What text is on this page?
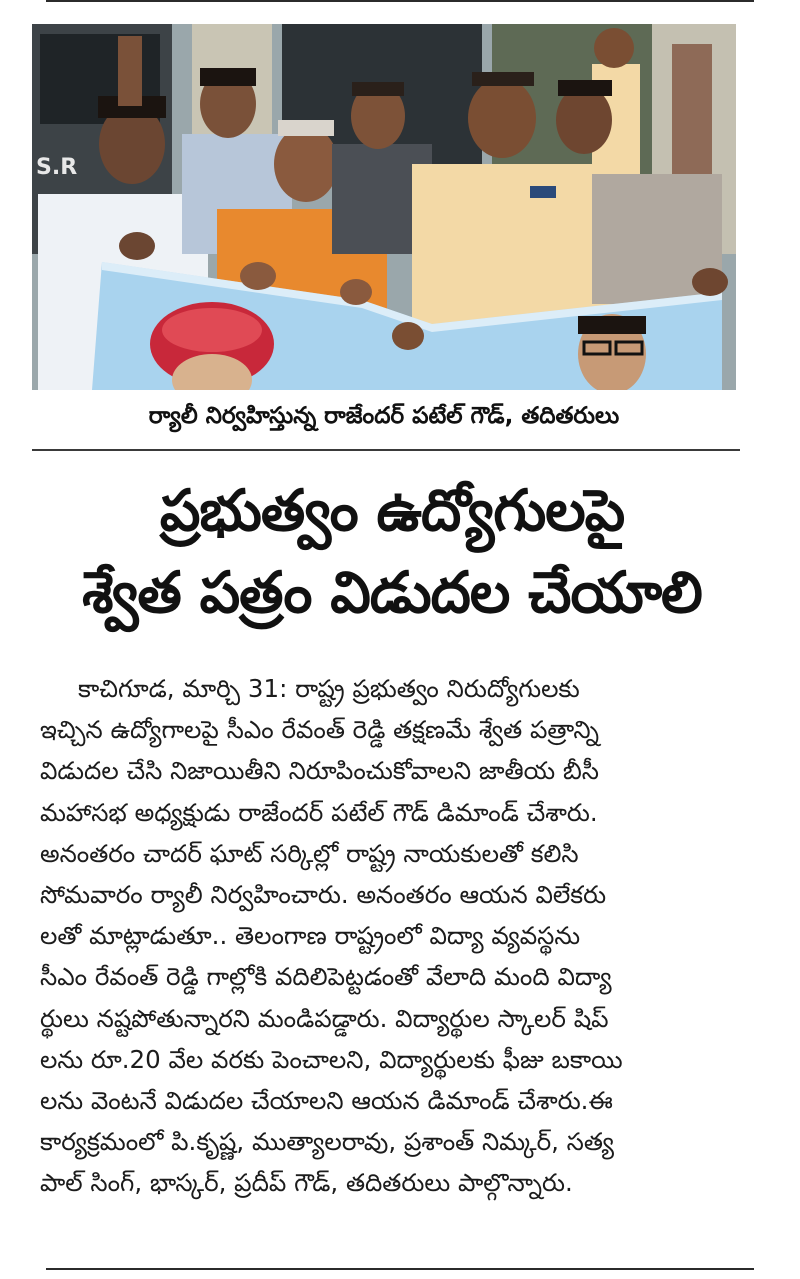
S.R
ర్యాలీ నిర్వహిస్తున్న రాజేందర్ పటేల్ గౌడ్, తదితరులు
ప్రభుత్వం ఉద్యోగులపై
శ్వేత పత్రం విడుదల చేయాలి
కాచిగూడ, మార్చి 31: రాష్ట్ర ప్రభుత్వం నిరుద్యోగులకు
ఇచ్చిన ఉద్యోగాలపై సీఎం రేవంత్ రెడ్డి తక్షణమే శ్వేత పత్రాన్ని
విడుదల చేసి నిజాయితీని నిరూపించుకోవాలని జాతీయ బీసీ
మహాసభ అధ్యక్షుడు రాజేందర్ పటేల్ గౌడ్ డిమాండ్ చేశారు.
అనంతరం చాదర్ ఘాట్ సర్కిల్లో రాష్ట్ర నాయకులతో కలిసి
సోమవారం ర్యాలీ నిర్వహించారు. అనంతరం ఆయన విలేకరు
లతో మాట్లాడుతూ.. తెలంగాణ రాష్ట్రంలో విద్యా వ్యవస్థను
సీఎం రేవంత్ రెడ్డి గాల్లోకి వదిలిపెట్టడంతో వేలాది మంది విద్యా
ర్థులు నష్టపోతున్నారని మండిపడ్డారు. విద్యార్థుల స్కాలర్ షిప్
లను రూ.20 వేల వరకు పెంచాలని, విద్యార్థులకు ఫీజు బకాయి
లను వెంటనే విడుదల చేయాలని ఆయన డిమాండ్ చేశారు.ఈ
కార్యక్రమంలో పి.కృష్ణ, ముత్యాలరావు, ప్రశాంత్ నిమ్కర్, సత్య
పాల్ సింగ్, భాస్కర్, ప్రదీప్ గౌడ్, తదితరులు పాల్గొన్నారు.
